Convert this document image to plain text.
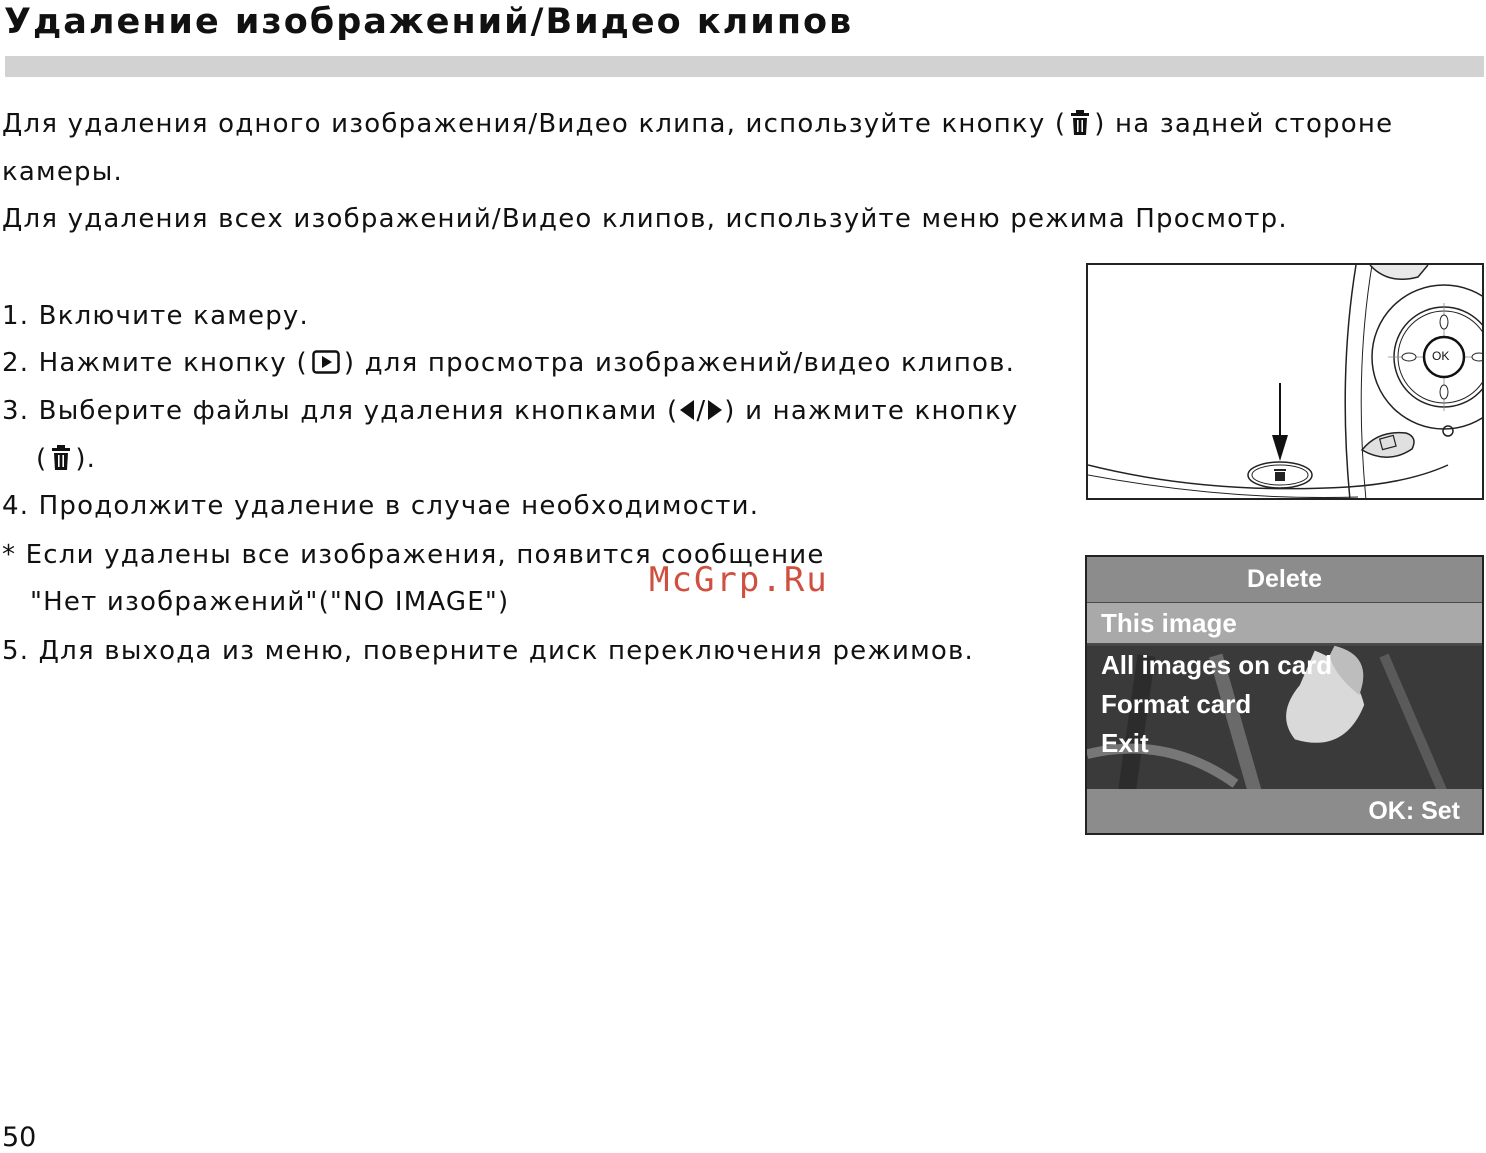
Удаление изображений/Видео клипов
Для удаления одного изображения/Видео клипа, используйте кнопку ( ) на задней стороне
камеры.
Для удаления всех изображений/Видео клипов, используйте меню режима Просмотр.
1. Включите камеру.
2. Нажмите кнопку ( ) для просмотра изображений/видео клипов.
3. Выберите файлы для удаления кнопками ( / ) и нажмите кнопку
( ).
4. Продолжите удаление в случае необходимости.
* Если удалены все изображения, появится сообщение
"Нет изображений"("NO IMAGE")
5. Для выхода из меню, поверните диск переключения режимов.
McGrp.Ru
OK
Delete
This image
All images on card
Format card
Exit
OK: Set
50
